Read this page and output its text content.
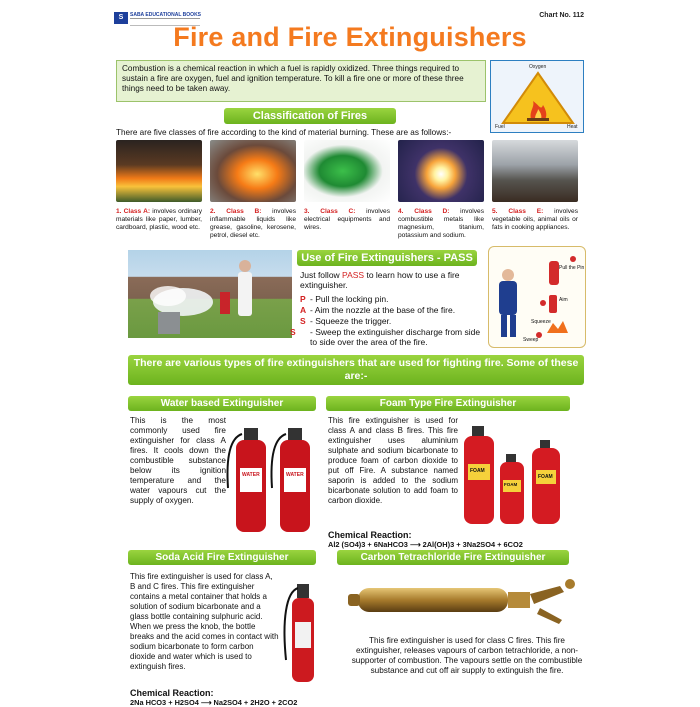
S	SABA EDUCATIONAL BOOKS	Chart No. 112
Fire and Fire Extinguishers
Combustion is a chemical reaction in which a fuel is rapidly oxidized. Three things required to sustain a fire are oxygen, fuel and ignition temperature. To kill a fire one or more of these three things need to be taken away.
Oxygen
Fuel	Heat
Classification of Fires
There are five classes of fire according to the kind of material burning. These are as follows:-
1. Class A: involves ordinary materials like paper, lumber, cardboard, plastic, wood etc.
2. Class B: involves inflammable liquids like grease, gasoline, kerosene, petrol, diesel etc.
3. Class C: involves electrical equipments and wires.
4. Class D: involves combustible metals like magnesium, titanium, potassium and sodium.
5. Class E: involves vegetable oils, animal oils or fats in cooking appliances.
Use of Fire Extinguishers - PASS
Just follow PASS to learn how to use a fire extinguisher.
P - Pull the locking pin.
A - Aim the nozzle at the base of the fire.
S - Squeeze the trigger.
S - Sweep the extinguisher discharge from side to side over the area of the fire.
Pull the Pin
Aim
Squeeze
Sweep
There are various types of fire extinguishers that are used for fighting fire. Some of these are:-
Water based Extinguisher
This is the most commonly used fire extinguisher for class A fires. It cools down the combustible substance below its ignition temperature and the water vapours cut the supply of oxygen.
WATER	WATER
Foam Type Fire Extinguisher
This fire extinguisher is used for class A and class B fires. This fire extinguisher uses aluminium sulphate and sodium bicarbonate to produce foam of carbon dioxide to put off Fire. A substance named saporin is added to the sodium bicarbonate solution to add foam to carbon dioxide.
FOAM
FOAM
FOAM
Chemical Reaction:
Al2 (SO4)3 + 6NaHCO3 ⟶ 2Al(OH)3 + 3Na2SO4 + 6CO2
Soda Acid Fire Extinguisher
This fire extinguisher is used for class A, B and C fires. This fire extinguisher contains a metal container that holds a solution of sodium bicarbonate and a glass bottle containing sulphuric acid. When we press the knob, the bottle breaks and the acid comes in contact with sodium bicarbonate to form carbon dioxide and water which is used to extinguish fires.
Chemical Reaction:
2Na HCO3 + H2SO4 ⟶ Na2SO4 + 2H2O + 2CO2
Carbon Tetrachloride Fire Extinguisher
This fire extinguisher is used for class C fires. This fire extinguisher, releases vapours of carbon tetrachloride, a non-supporter of combustion. The vapours settle on the combustible substance and cut off air supply to extinguish the fire.
